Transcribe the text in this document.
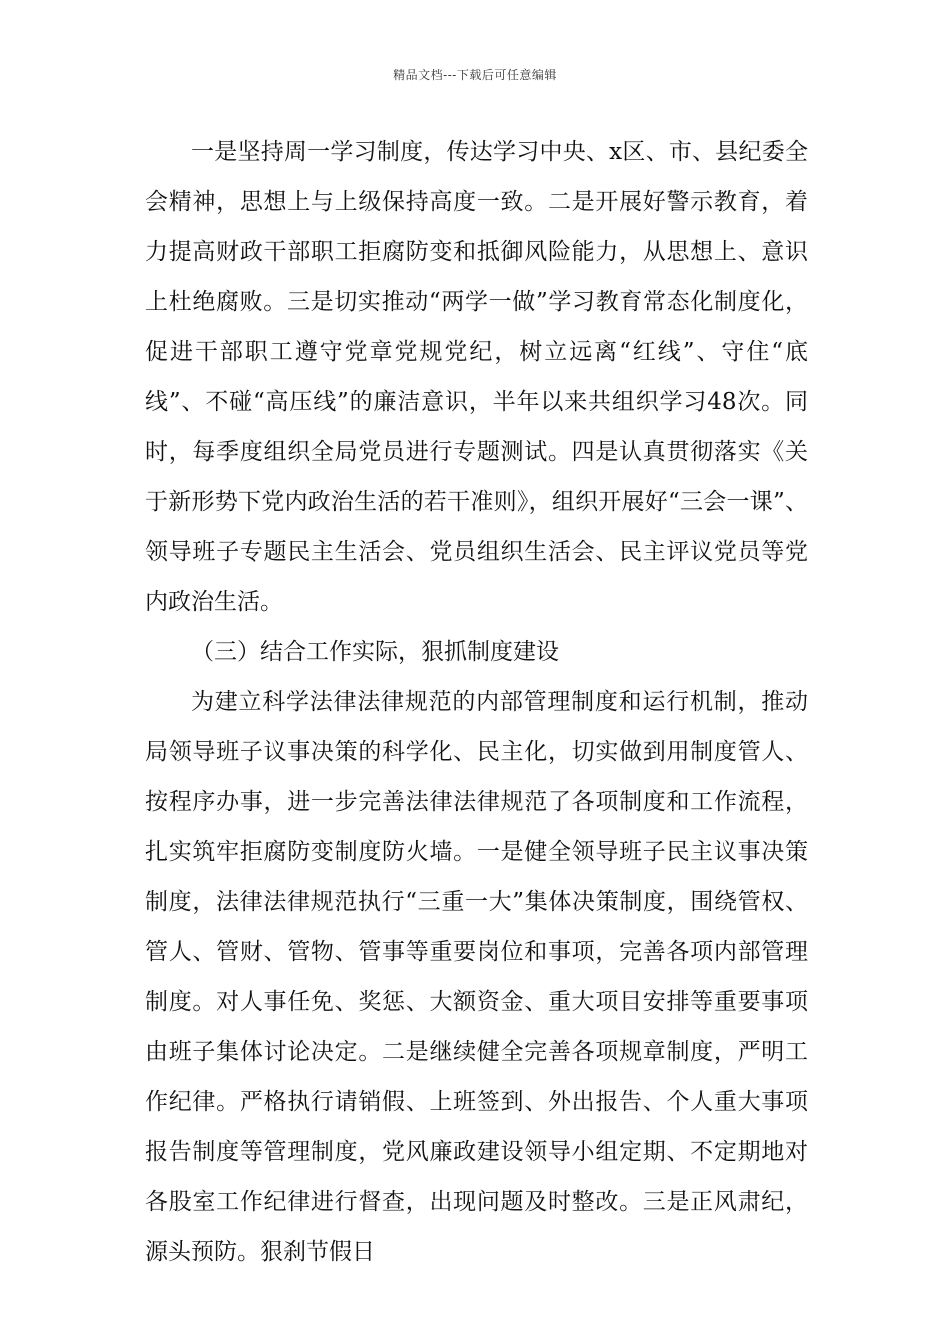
精品文档---下载后可任意编辑

一是坚持周一学习制度，传达学习中央、x区、市、县纪委全会精神，思想上与上级保持高度一致。二是开展好警示教育，着力提高财政干部职工拒腐防变和抵御风险能力，从思想上、意识上杜绝腐败。三是切实推动“两学一做”学习教育常态化制度化，促进干部职工遵守党章党规党纪，树立远离“红线”、守住“底线”、不碰“高压线”的廉洁意识，半年以来共组织学习48次。同时，每季度组织全局党员进行专题测试。四是认真贯彻落实《关于新形势下党内政治生活的若干准则》，组织开展好“三会一课”、领导班子专题民主生活会、党员组织生活会、民主评议党员等党内政治生活。

（三）结合工作实际，狠抓制度建设

为建立科学法律法律规范的内部管理制度和运行机制，推动局领导班子议事决策的科学化、民主化，切实做到用制度管人、按程序办事，进一步完善法律法律规范了各项制度和工作流程，扎实筑牢拒腐防变制度防火墙。一是健全领导班子民主议事决策制度，法律法律规范执行“三重一大”集体决策制度，围绕管权、管人、管财、管物、管事等重要岗位和事项，完善各项内部管理制度。对人事任免、奖惩、大额资金、重大项目安排等重要事项由班子集体讨论决定。二是继续健全完善各项规章制度，严明工作纪律。严格执行请销假、上班签到、外出报告、个人重大事项报告制度等管理制度，党风廉政建设领导小组定期、不定期地对各股室工作纪律进行督查，出现问题及时整改。三是正风肃纪，源头预防。狠刹节假日
